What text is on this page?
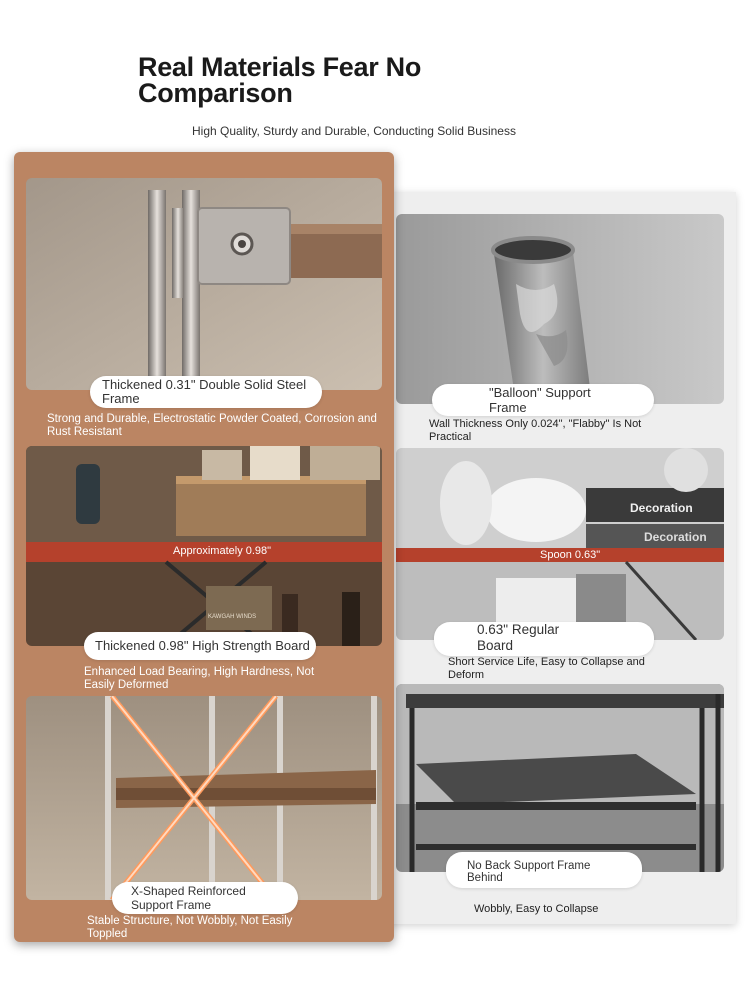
Real Materials Fear No Comparison
High Quality, Sturdy and Durable, Conducting Solid Business
Decoration
Decoration
Spoon 0.63"
"Balloon" Support Frame
Wall Thickness Only 0.024", "Flabby" Is Not Practical
0.63" Regular Board
Short Service Life, Easy to Collapse and Deform
No Back Support Frame Behind
Wobbly, Easy to Collapse
Approximately 0.98"
KAWGAH WINDS
Thickened 0.31" Double Solid Steel Frame
Strong and Durable, Electrostatic Powder Coated, Corrosion and Rust Resistant
Thickened 0.98" High Strength Board
Enhanced Load Bearing, High Hardness, Not Easily Deformed
X-Shaped Reinforced Support Frame
Stable Structure, Not Wobbly, Not Easily Toppled
